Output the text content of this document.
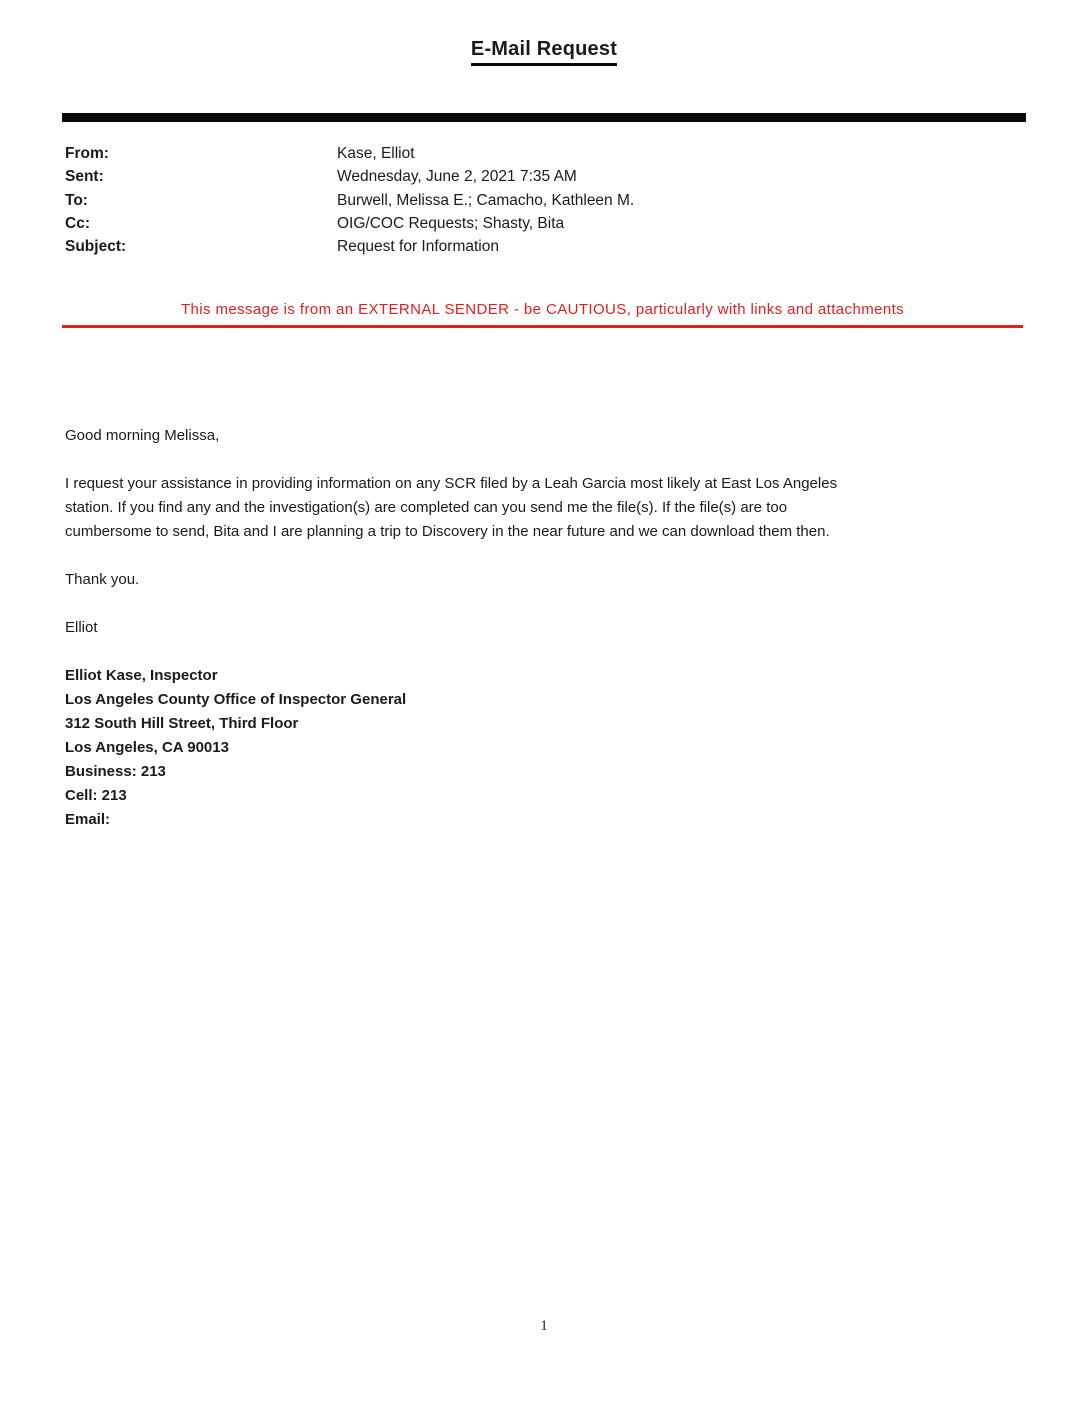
E-Mail Request
From:	Kase, Elliot
Sent:	Wednesday, June 2, 2021 7:35 AM
To:	Burwell, Melissa E.; Camacho, Kathleen M.
Cc:	OIG/COC Requests; Shasty, Bita
Subject:	Request for Information
This message is from an EXTERNAL SENDER - be CAUTIOUS, particularly with links and attachments
Good morning Melissa,
I request your assistance in providing information on any SCR filed by a Leah Garcia most likely at East Los Angeles
station. If you find any and the investigation(s) are completed can you send me the file(s). If the file(s) are too
cumbersome to send, Bita and I are planning a trip to Discovery in the near future and we can download them then.
Thank you.
Elliot
Elliot Kase, Inspector
Los Angeles County Office of Inspector General
312 South Hill Street, Third Floor
Los Angeles, CA 90013
Business: 213
Cell: 213
Email:
1
